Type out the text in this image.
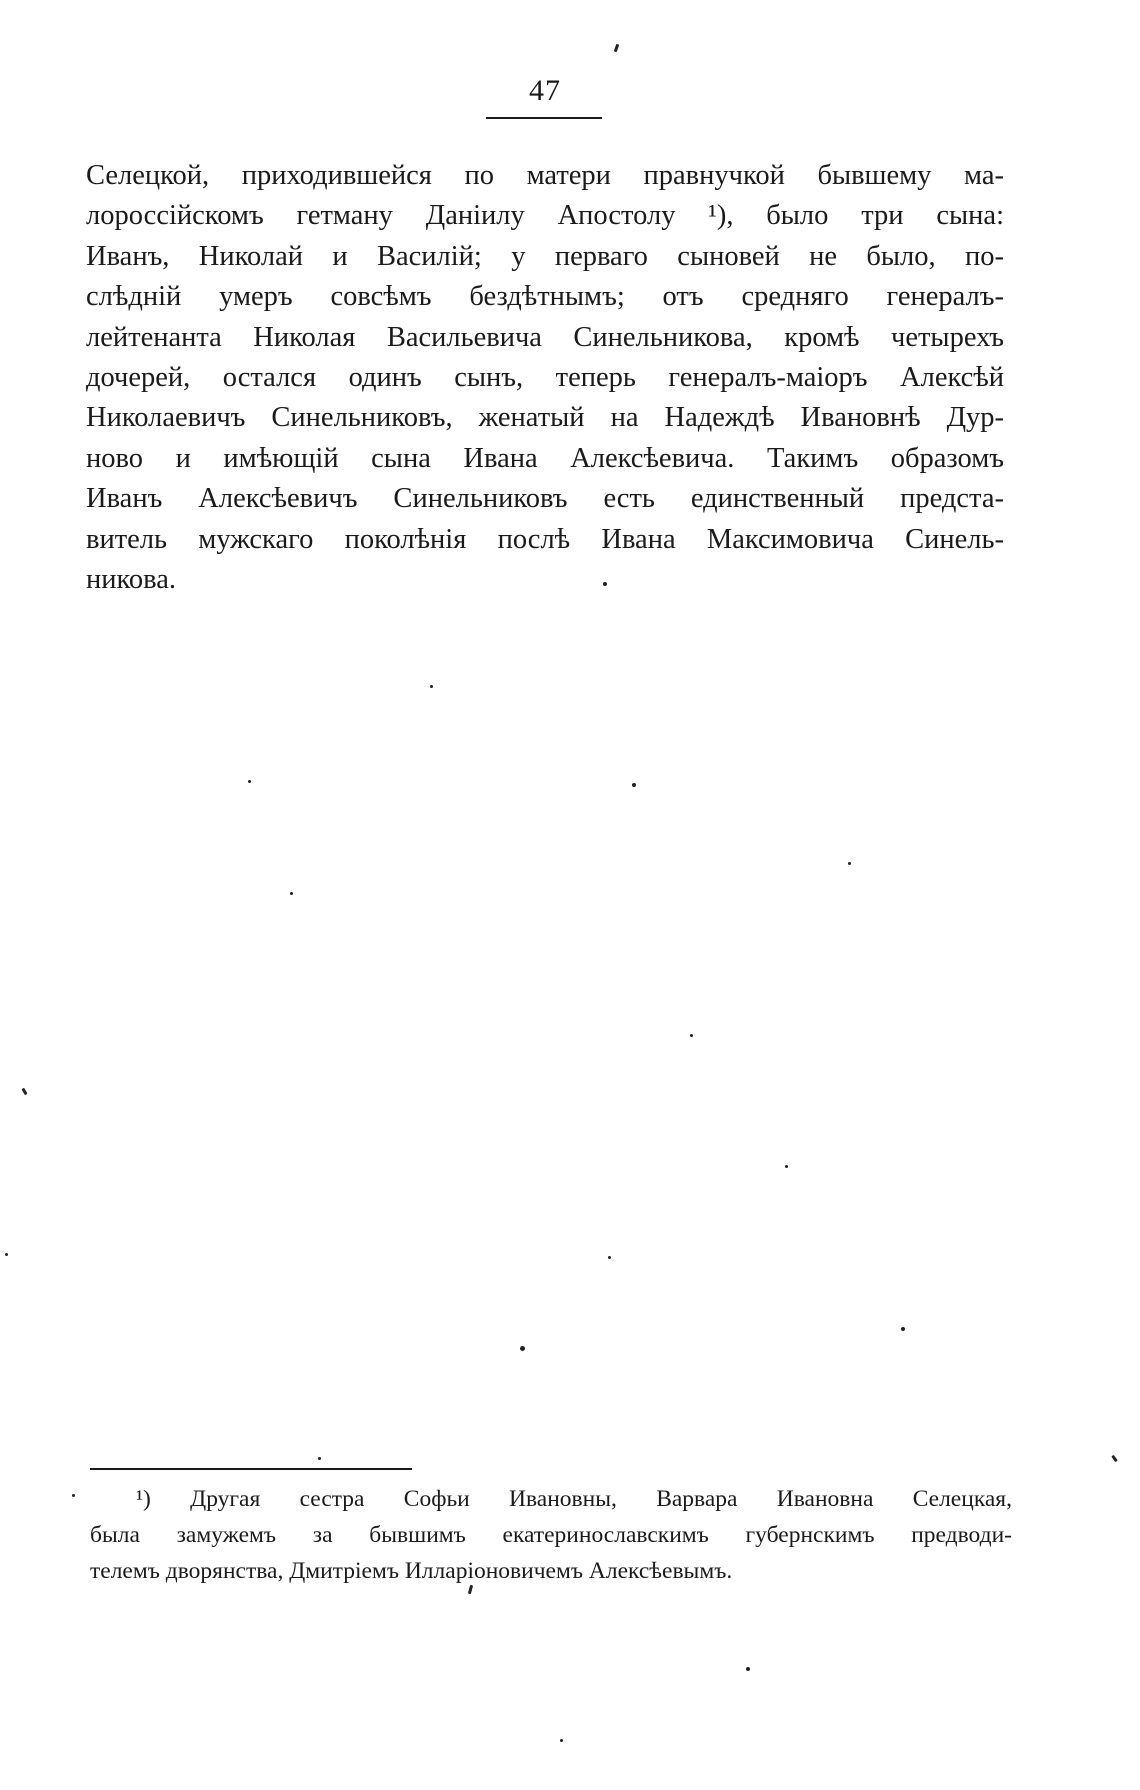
47
Селецкой, приходившейся по матери правнучкой бывшему ма-
лороссійскомъ гетману Даніилу Апостолу ¹), было три сына:
Иванъ, Николай и Василій; у перваго сыновей не было, по-
слѣдній умеръ совсѣмъ бездѣтнымъ; отъ средняго генералъ-
лейтенанта Николая Васильевича Синельникова, кромѣ четырехъ
дочерей, остался одинъ сынъ, теперь генералъ-маіоръ Алексѣй
Николаевичъ Синельниковъ, женатый на Надеждѣ Ивановнѣ Дур-
ново и имѣющій сына Ивана Алексѣевича. Такимъ образомъ
Иванъ Алексѣевичъ Синельниковъ есть единственный предста-
витель мужскаго поколѣнія послѣ Ивана Максимовича Синель-
никова.
¹) Другая сестра Софьи Ивановны, Варвара Ивановна Селецкая,
была замужемъ за бывшимъ екатеринославскимъ губернскимъ предводи-
телемъ дворянства, Дмитріемъ Илларіоновичемъ Алексѣевымъ.
